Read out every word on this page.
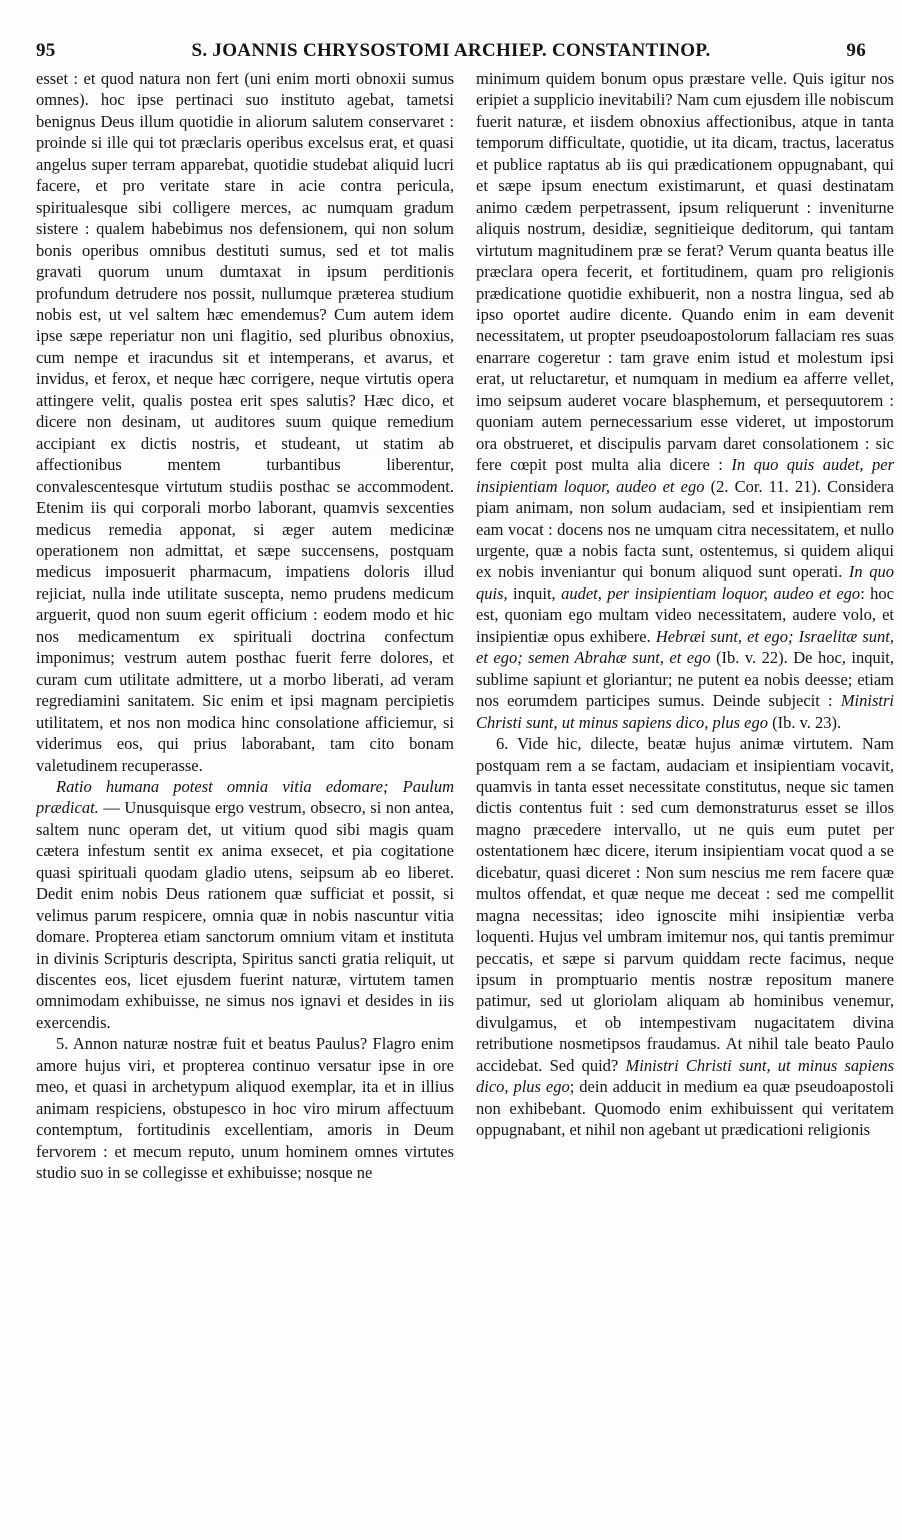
95	S. JOANNIS CHRYSOSTOMI ARCHIEP. CONSTANTINOP.	96

esset : et quod natura non fert (uni enim morti obnoxii sumus omnes). hoc ipse pertinaci suo instituto agebat, tametsi benignus Deus illum quotidie in aliorum salutem conservaret : proinde si ille qui tot præclaris operibus excelsus erat, et quasi angelus super terram apparebat, quotidie studebat aliquid lucri facere, et pro veritate stare in acie contra pericula, spiritualesque sibi colligere merces, ac numquam gradum sistere : qualem habebimus nos defensionem, qui non solum bonis operibus omnibus destituti sumus, sed et tot malis gravati quorum unum dumtaxat in ipsum perditionis profundum detrudere nos possit, nullumque præterea studium nobis est, ut vel saltem hæc emendemus? Cum autem idem ipse sæpe reperiatur non uni flagitio, sed pluribus obnoxius, cum nempe et iracundus sit et intemperans, et avarus, et invidus, et ferox, et neque hæc corrigere, neque virtutis opera attingere velit, qualis postea erit spes salutis? Hæc dico, et dicere non desinam, ut auditores suum quique remedium accipiant ex dictis nostris, et studeant, ut statim ab affectionibus mentem turbantibus liberentur, convalescentesque virtutum studiis posthac se accommodent. Etenim iis qui corporali morbo laborant, quamvis sexcenties medicus remedia apponat, si æger autem medicinæ operationem non admittat, et sæpe succensens, postquam medicus imposuerit pharmacum, impatiens doloris illud rejiciat, nulla inde utilitate suscepta, nemo prudens medicum arguerit, quod non suum egerit officium : eodem modo et hic nos medicamentum ex spirituali doctrina confectum imponimus; vestrum autem posthac fuerit ferre dolores, et curam cum utilitate admittere, ut a morbo liberati, ad veram regrediamini sanitatem. Sic enim et ipsi magnam percipietis utilitatem, et nos non modica hinc consolatione afficiemur, si viderimus eos, qui prius laborabant, tam cito bonam valetudinem recuperasse.

Ratio humana potest omnia vitia edomare; Paulum prædicat. — Unusquisque ergo vestrum, obsecro, si non antea, saltem nunc operam det, ut vitium quod sibi magis quam cætera infestum sentit ex anima exsecet, et pia cogitatione quasi spirituali quodam gladio utens, seipsum ab eo liberet. Dedit enim nobis Deus rationem quæ sufficiat et possit, si velimus parum respicere, omnia quæ in nobis nascuntur vitia domare. Propterea etiam sanctorum omnium vitam et instituta in divinis Scripturis descripta, Spiritus sancti gratia reliquit, ut discentes eos, licet ejusdem fuerint naturæ, virtutem tamen omnimodam exhibuisse, ne simus nos ignavi et desides in iis exercendis.

5. Annon naturæ nostræ fuit et beatus Paulus? Flagro enim amore hujus viri, et propterea continuo versatur ipse in ore meo, et quasi in archetypum aliquod exemplar, ita et in illius animam respiciens, obstupesco in hoc viro mirum affectuum contemptum, fortitudinis excellentiam, amoris in Deum fervorem : et mecum reputo, unum hominem omnes virtutes studio suo in se collegisse et exhibuisse; nosque ne

minimum quidem bonum opus præstare velle. Quis igitur nos eripiet a supplicio inevitabili? Nam cum ejusdem ille nobiscum fuerit naturæ, et iisdem obnoxius affectionibus, atque in tanta temporum difficultate, quotidie, ut ita dicam, tractus, laceratus et publice raptatus ab iis qui prædicationem oppugnabant, qui et sæpe ipsum enectum existimarunt, et quasi destinatam animo cædem perpetrassent, ipsum reliquerunt : inveniturne aliquis nostrum, desidiæ, segnitieique deditorum, qui tantam virtutum magnitudinem præ se ferat? Verum quanta beatus ille præclara opera fecerit, et fortitudinem, quam pro religionis prædicatione quotidie exhibuerit, non a nostra lingua, sed ab ipso oportet audire dicente. Quando enim in eam devenit necessitatem, ut propter pseudoapostolorum fallaciam res suas enarrare cogeretur : tam grave enim istud et molestum ipsi erat, ut reluctaretur, et numquam in medium ea afferre vellet, imo seipsum auderet vocare blasphemum, et persequutorem : quoniam autem pernecessarium esse videret, ut impostorum ora obstrueret, et discipulis parvam daret consolationem : sic fere cœpit post multa alia dicere : In quo quis audet, per insipientiam loquor, audeo et ego (2. Cor. 11. 21). Considera piam animam, non solum audaciam, sed et insipientiam rem eam vocat : docens nos ne umquam citra necessitatem, et nullo urgente, quæ a nobis facta sunt, ostentemus, si quidem aliqui ex nobis inveniantur qui bonum aliquod sunt operati. In quo quis, inquit, audet, per insipientiam loquor, audeo et ego: hoc est, quoniam ego multam video necessitatem, audere volo, et insipientiæ opus exhibere. Hebræi sunt, et ego; Israelitæ sunt, et ego; semen Abrahæ sunt, et ego (Ib. v. 22). De hoc, inquit, sublime sapiunt et gloriantur; ne putent ea nobis deesse; etiam nos eorumdem participes sumus. Deinde subjecit : Ministri Christi sunt, ut minus sapiens dico, plus ego (Ib. v. 23).

6. Vide hic, dilecte, beatæ hujus animæ virtutem. Nam postquam rem a se factam, audaciam et insipientiam vocavit, quamvis in tanta esset necessitate constitutus, neque sic tamen dictis contentus fuit : sed cum demonstraturus esset se illos magno præcedere intervallo, ut ne quis eum putet per ostentationem hæc dicere, iterum insipientiam vocat quod a se dicebatur, quasi diceret : Non sum nescius me rem facere quæ multos offendat, et quæ neque me deceat : sed me compellit magna necessitas; ideo ignoscite mihi insipientiæ verba loquenti. Hujus vel umbram imitemur nos, qui tantis premimur peccatis, et sæpe si parvum quiddam recte facimus, neque ipsum in promptuario mentis nostræ repositum manere patimur, sed ut gloriolam aliquam ab hominibus venemur, divulgamus, et ob intempestivam nugacitatem divina retributione nosmetipsos fraudamus. At nihil tale beato Paulo accidebat. Sed quid? Ministri Christi sunt, ut minus sapiens dico, plus ego; dein adducit in medium ea quæ pseudoapostoli non exhibebant. Quomodo enim exhibuissent qui veritatem oppugnabant, et nihil non agebant ut prædicationi religionis
